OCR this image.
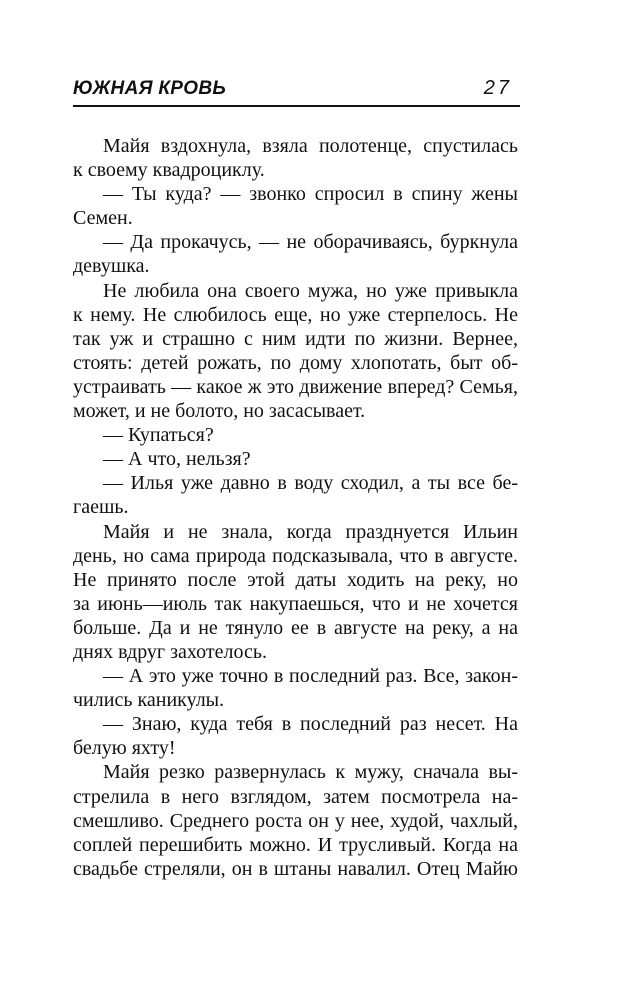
ЮЖНАЯ КРОВЬ	27
Майя вздохнула, взяла полотенце, спустилась
к своему квадроциклу.
— Ты куда? — звонко спросил в спину жены
Семен.
— Да прокачусь, — не оборачиваясь, буркнула
девушка.
Не любила она своего мужа, но уже привыкла
к нему. Не слюбилось еще, но уже стерпелось. Не
так уж и страшно с ним идти по жизни. Вернее,
стоять: детей рожать, по дому хлопотать, быт об-
устраивать — какое ж это движение вперед? Семья,
может, и не болото, но засасывает.
— Купаться?
— А что, нельзя?
— Илья уже давно в воду сходил, а ты все бе-
гаешь.
Майя и не знала, когда празднуется Ильин
день, но сама природа подсказывала, что в августе.
Не принято после этой даты ходить на реку, но
за июнь—июль так накупаешься, что и не хочется
больше. Да и не тянуло ее в августе на реку, а на
днях вдруг захотелось.
— А это уже точно в последний раз. Все, закон-
чились каникулы.
— Знаю, куда тебя в последний раз несет. На
белую яхту!
Майя резко развернулась к мужу, сначала вы-
стрелила в него взглядом, затем посмотрела на-
смешливо. Среднего роста он у нее, худой, чахлый,
соплей перешибить можно. И трусливый. Когда на
свадьбе стреляли, он в штаны навалил. Отец Майю
